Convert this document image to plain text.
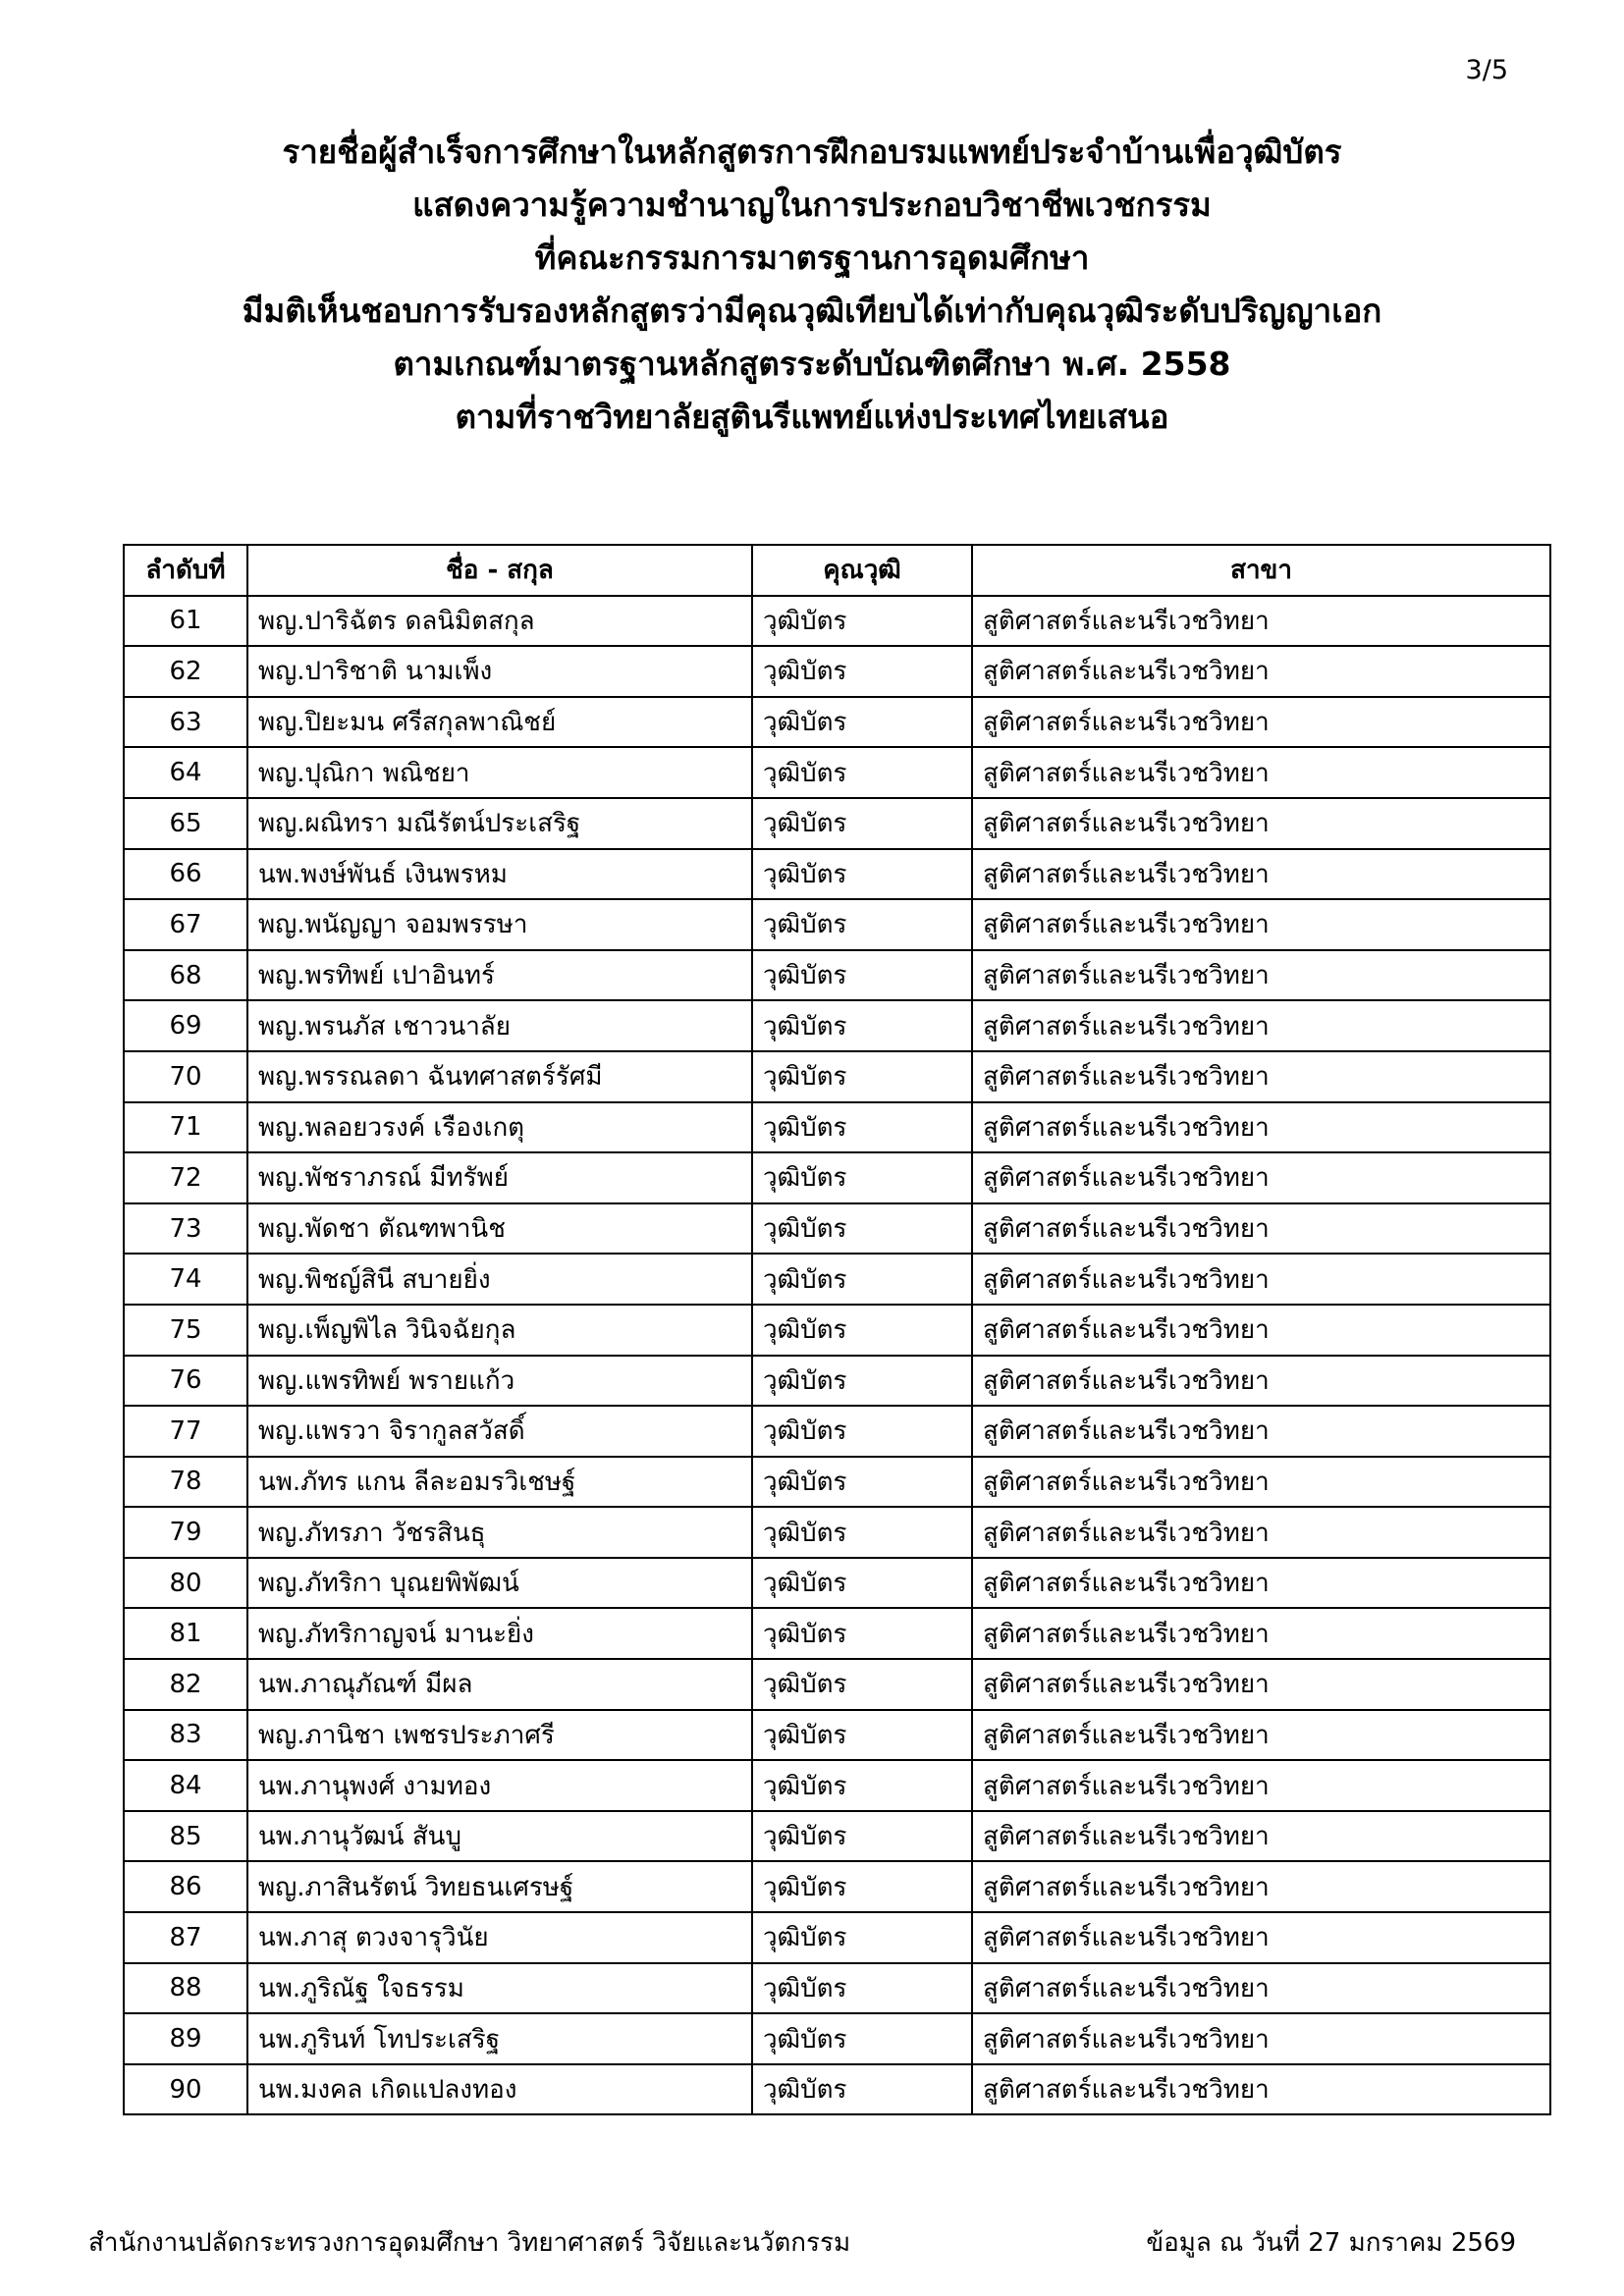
3/5
รายชื่อผู้สำเร็จการศึกษาในหลักสูตรการฝึกอบรมแพทย์ประจำบ้านเพื่อวุฒิบัตร
แสดงความรู้ความชำนาญในการประกอบวิชาชีพเวชกรรม
ที่คณะกรรมการมาตรฐานการอุดมศึกษา
มีมติเห็นชอบการรับรองหลักสูตรว่ามีคุณวุฒิเทียบได้เท่ากับคุณวุฒิระดับปริญญาเอก
ตามเกณฑ์มาตรฐานหลักสูตรระดับบัณฑิตศึกษา พ.ศ. 2558
ตามที่ราชวิทยาลัยสูตินรีแพทย์แห่งประเทศไทยเสนอ
ลำดับที่	ชื่อ - สกุล	คุณวุฒิ	สาขา
61	พญ.ปาริฉัตร ดลนิมิตสกุล	วุฒิบัตร	สูติศาสตร์และนรีเวชวิทยา
62	พญ.ปาริชาติ นามเพ็ง	วุฒิบัตร	สูติศาสตร์และนรีเวชวิทยา
63	พญ.ปิยะมน ศรีสกุลพาณิชย์	วุฒิบัตร	สูติศาสตร์และนรีเวชวิทยา
64	พญ.ปุณิกา พณิชยา	วุฒิบัตร	สูติศาสตร์และนรีเวชวิทยา
65	พญ.ผณิทรา มณีรัตน์ประเสริฐ	วุฒิบัตร	สูติศาสตร์และนรีเวชวิทยา
66	นพ.พงษ์พันธ์ เงินพรหม	วุฒิบัตร	สูติศาสตร์และนรีเวชวิทยา
67	พญ.พนัญญา จอมพรรษา	วุฒิบัตร	สูติศาสตร์และนรีเวชวิทยา
68	พญ.พรทิพย์ เปาอินทร์	วุฒิบัตร	สูติศาสตร์และนรีเวชวิทยา
69	พญ.พรนภัส เชาวนาลัย	วุฒิบัตร	สูติศาสตร์และนรีเวชวิทยา
70	พญ.พรรณลดา ฉันทศาสตร์รัศมี	วุฒิบัตร	สูติศาสตร์และนรีเวชวิทยา
71	พญ.พลอยวรงค์ เรืองเกตุ	วุฒิบัตร	สูติศาสตร์และนรีเวชวิทยา
72	พญ.พัชราภรณ์ มีทรัพย์	วุฒิบัตร	สูติศาสตร์และนรีเวชวิทยา
73	พญ.พัดชา ตัณฑพานิช	วุฒิบัตร	สูติศาสตร์และนรีเวชวิทยา
74	พญ.พิชญ์สินี สบายยิ่ง	วุฒิบัตร	สูติศาสตร์และนรีเวชวิทยา
75	พญ.เพ็ญพิไล วินิจฉัยกุล	วุฒิบัตร	สูติศาสตร์และนรีเวชวิทยา
76	พญ.แพรทิพย์ พรายแก้ว	วุฒิบัตร	สูติศาสตร์และนรีเวชวิทยา
77	พญ.แพรวา จิรากูลสวัสดิ์	วุฒิบัตร	สูติศาสตร์และนรีเวชวิทยา
78	นพ.ภัทร แกน ลีละอมรวิเชษฐ์	วุฒิบัตร	สูติศาสตร์และนรีเวชวิทยา
79	พญ.ภัทรภา วัชรสินธุ	วุฒิบัตร	สูติศาสตร์และนรีเวชวิทยา
80	พญ.ภัทริกา บุณยพิพัฒน์	วุฒิบัตร	สูติศาสตร์และนรีเวชวิทยา
81	พญ.ภัทริกาญจน์ มานะยิ่ง	วุฒิบัตร	สูติศาสตร์และนรีเวชวิทยา
82	นพ.ภาณุภัณฑ์ มีผล	วุฒิบัตร	สูติศาสตร์และนรีเวชวิทยา
83	พญ.ภานิชา เพชรประภาศรี	วุฒิบัตร	สูติศาสตร์และนรีเวชวิทยา
84	นพ.ภานุพงศ์ งามทอง	วุฒิบัตร	สูติศาสตร์และนรีเวชวิทยา
85	นพ.ภานุวัฒน์ สันบู	วุฒิบัตร	สูติศาสตร์และนรีเวชวิทยา
86	พญ.ภาสินรัตน์ วิทยธนเศรษฐ์	วุฒิบัตร	สูติศาสตร์และนรีเวชวิทยา
87	นพ.ภาสุ ตวงจารุวินัย	วุฒิบัตร	สูติศาสตร์และนรีเวชวิทยา
88	นพ.ภูริณัฐ ใจธรรม	วุฒิบัตร	สูติศาสตร์และนรีเวชวิทยา
89	นพ.ภูรินท์ โทประเสริฐ	วุฒิบัตร	สูติศาสตร์และนรีเวชวิทยา
90	นพ.มงคล เกิดแปลงทอง	วุฒิบัตร	สูติศาสตร์และนรีเวชวิทยา
สำนักงานปลัดกระทรวงการอุดมศึกษา วิทยาศาสตร์ วิจัยและนวัตกรรม	ข้อมูล ณ วันที่ 27 มกราคม 2569
